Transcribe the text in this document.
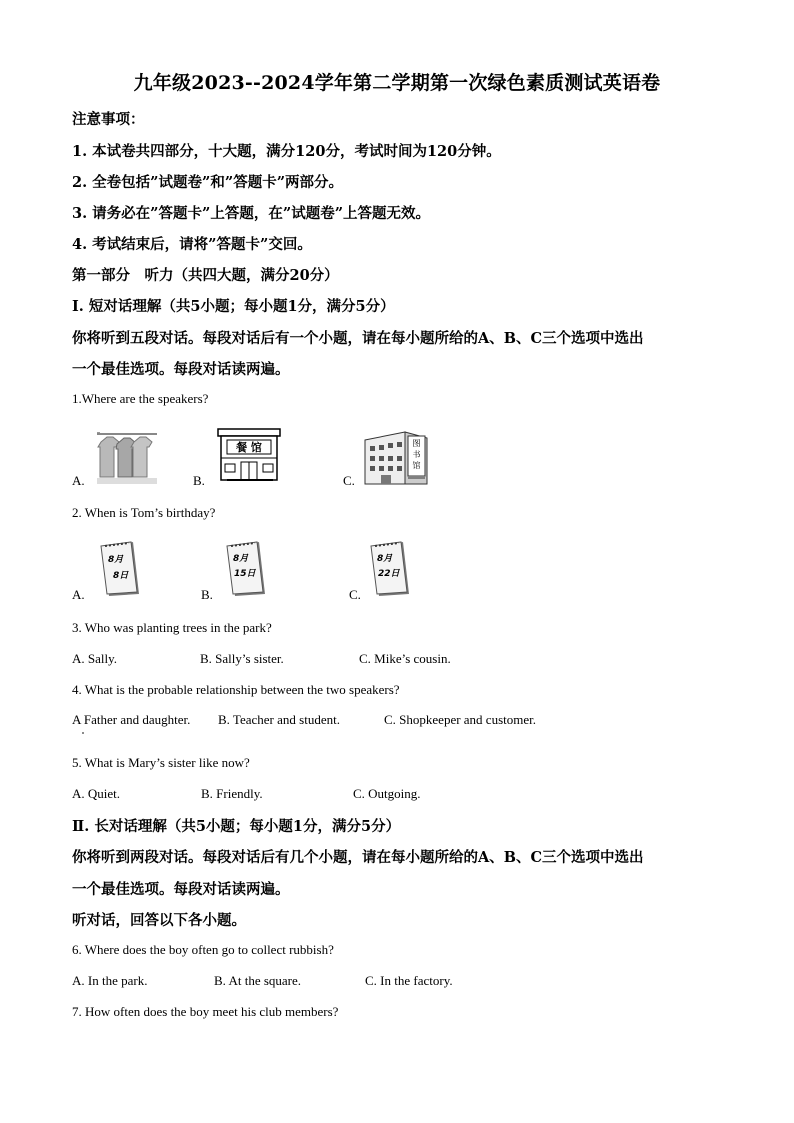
九年级2023--2024学年第二学期第一次绿色素质测试英语卷
注意事项：
1. 本试卷共四部分，十大题，满分120分，考试时间为120分钟。
2. 全卷包括”试题卷”和”答题卡”两部分。
3. 请务必在”答题卡”上答题，在”试题卷”上答题无效。
4. 考试结束后，请将”答题卡”交回。
第一部分　听力（共四大题，满分20分）
Ⅰ. 短对话理解（共5小题；每小题1分，满分5分）
你将听到五段对话。每段对话后有一个小题，请在每小题所给的A、B、C三个选项中选出
一个最佳选项。每段对话读两遍。
1.Where are the speakers?
A.	B.
餐 馆
C.
图
书
馆
2. When is Tom’s birthday?
A.
8月
8日
B.
8月
15日
C.
8月
22日
3. Who was planting trees in the park?
A. Sally.	B. Sally’s sister.	C. Mike’s cousin.
4. What is the probable relationship between the two speakers?
A Father and daughter. B. Teacher and student.	C. Shopkeeper and customer.
5. What is Mary’s sister like now?
A. Quiet.	B. Friendly.	C. Outgoing.
Ⅱ. 长对话理解（共5小题；每小题1分，满分5分）
你将听到两段对话。每段对话后有几个小题，请在每小题所给的A、B、C三个选项中选出
一个最佳选项。每段对话读两遍。
听对话，回答以下各小题。
6. Where does the boy often go to collect rubbish?
A. In the park.	B. At the square.	C. In the factory.
7. How often does the boy meet his club members?
